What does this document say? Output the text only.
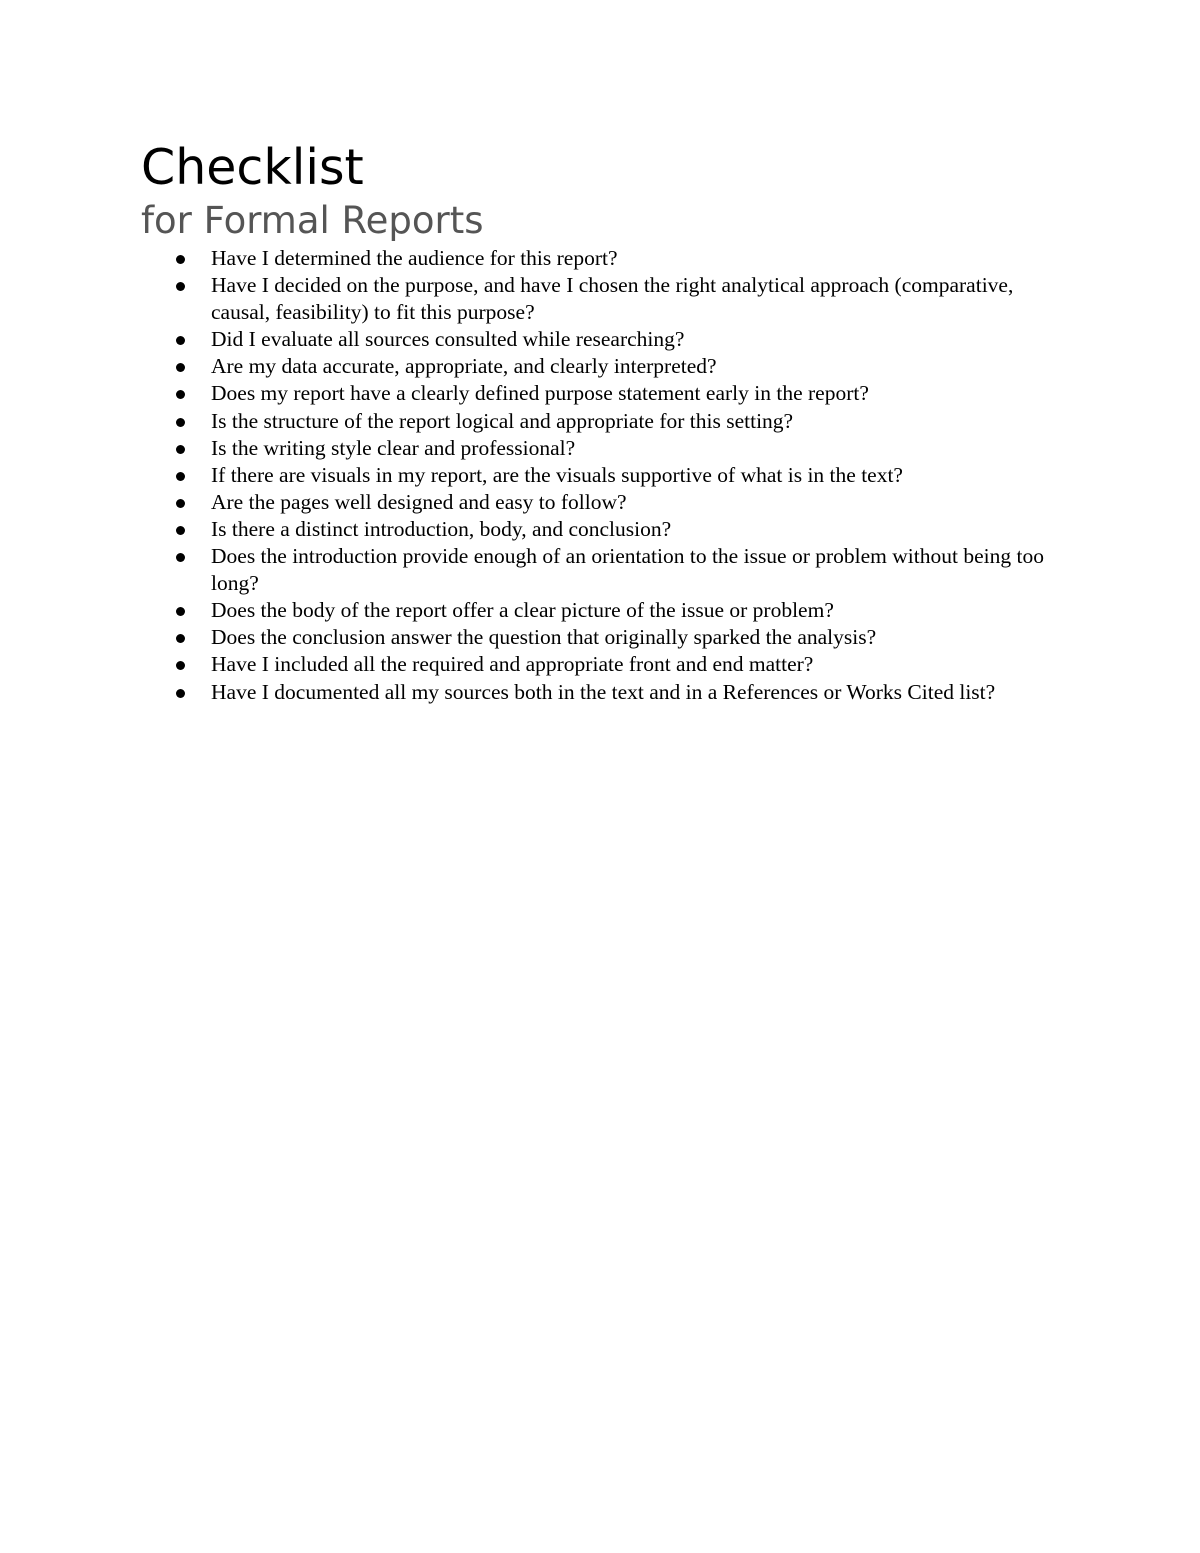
Checklist
for Formal Reports
Have I determined the audience for this report?
Have I decided on the purpose, and have I chosen the right analytical approach (comparative, causal, feasibility) to fit this purpose?
Did I evaluate all sources consulted while researching?
Are my data accurate, appropriate, and clearly interpreted?
Does my report have a clearly defined purpose statement early in the report?
Is the structure of the report logical and appropriate for this setting?
Is the writing style clear and professional?
If there are visuals in my report, are the visuals supportive of what is in the text?
Are the pages well designed and easy to follow?
Is there a distinct introduction, body, and conclusion?
Does the introduction provide enough of an orientation to the issue or problem without being too long?
Does the body of the report offer a clear picture of the issue or problem?
Does the conclusion answer the question that originally sparked the analysis?
Have I included all the required and appropriate front and end matter?
Have I documented all my sources both in the text and in a References or Works Cited list?
